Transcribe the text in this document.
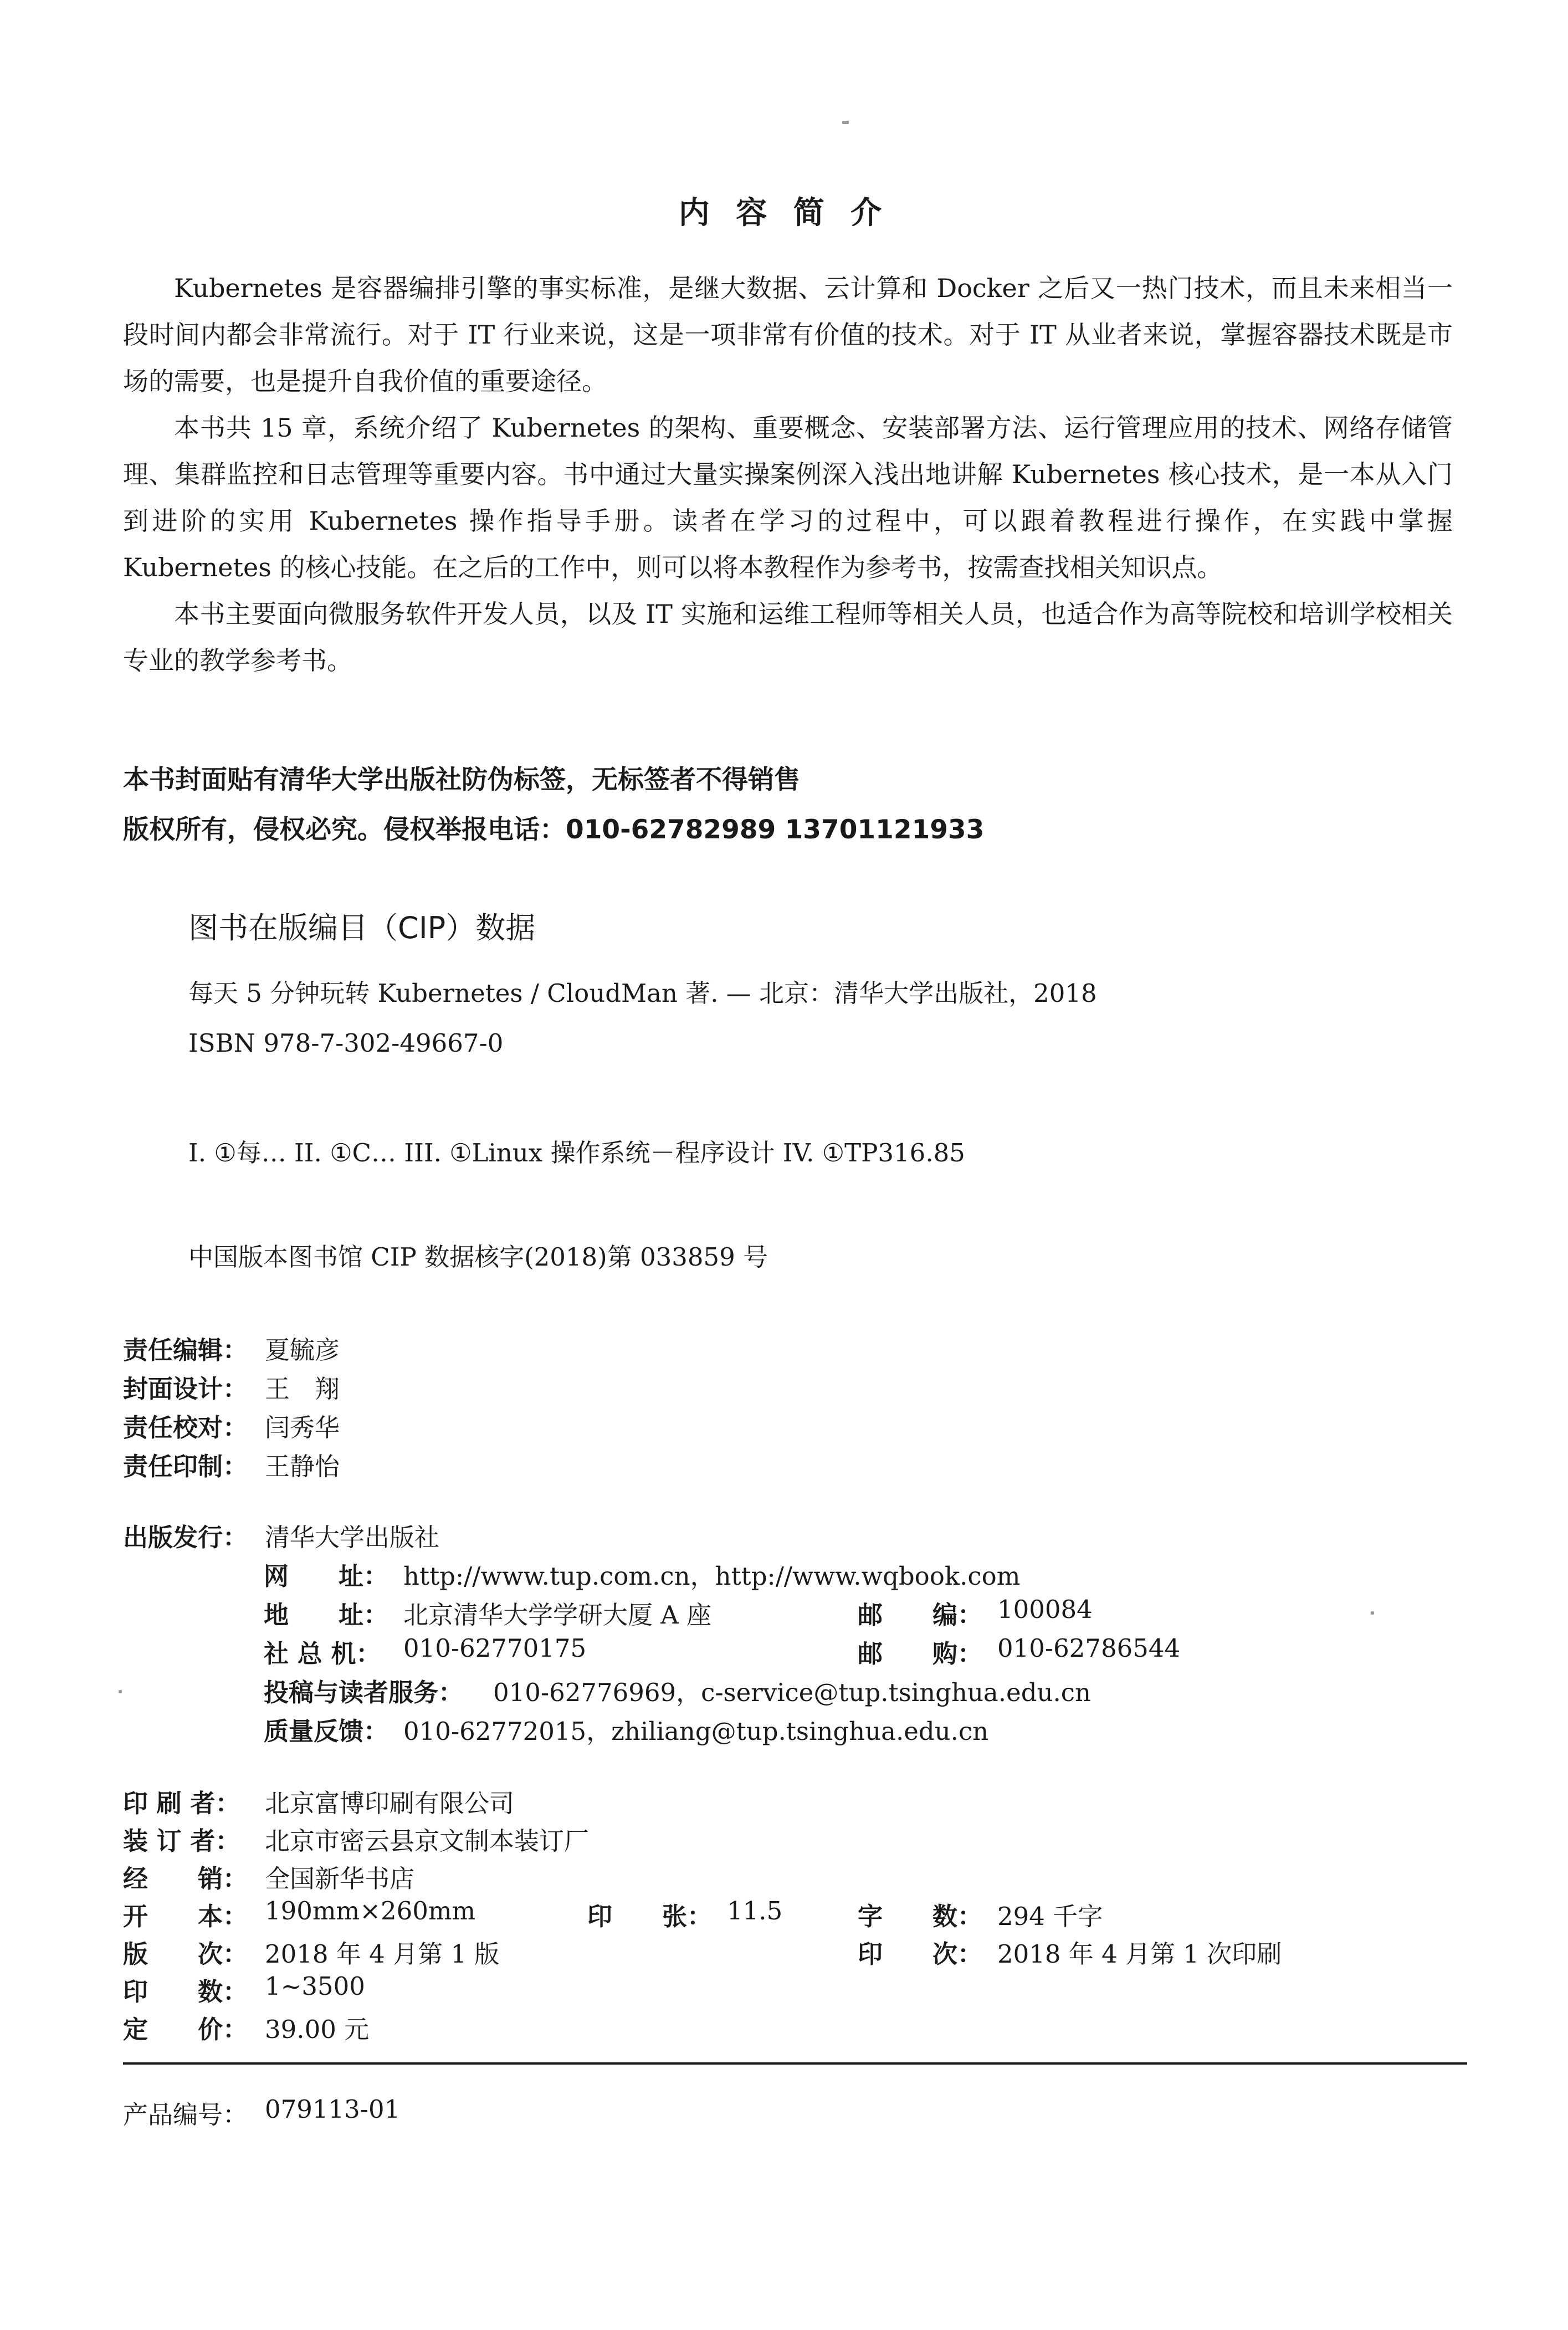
内 容 简 介

Kubernetes 是容器编排引擎的事实标准，是继大数据、云计算和 Docker 之后又一热门技术，而且未来相当一段时间内都会非常流行。对于 IT 行业来说，这是一项非常有价值的技术。对于 IT 从业者来说，掌握容器技术既是市场的需要，也是提升自我价值的重要途径。

本书共 15 章，系统介绍了 Kubernetes 的架构、重要概念、安装部署方法、运行管理应用的技术、网络存储管理、集群监控和日志管理等重要内容。书中通过大量实操案例深入浅出地讲解 Kubernetes 核心技术，是一本从入门到进阶的实用 Kubernetes 操作指导手册。读者在学习的过程中，可以跟着教程进行操作，在实践中掌握 Kubernetes 的核心技能。在之后的工作中，则可以将本教程作为参考书，按需查找相关知识点。

本书主要面向微服务软件开发人员，以及 IT 实施和运维工程师等相关人员，也适合作为高等院校和培训学校相关专业的教学参考书。

本书封面贴有清华大学出版社防伪标签，无标签者不得销售
版权所有，侵权必究。侵权举报电话：010-62782989 13701121933
图书在版编目（CIP）数据
每天 5 分钟玩转 Kubernetes / CloudMan 著. — 北京：清华大学出版社，2018
ISBN 978-7-302-49667-0
I. ①每… II. ①C… III. ①Linux 操作系统－程序设计 IV. ①TP316.85
中国版本图书馆 CIP 数据核字(2018)第 033859 号
责任编辑： 夏毓彦
封面设计： 王　翔
责任校对： 闫秀华
责任印制： 王静怡
出版发行： 清华大学出版社
网　　址： http://www.tup.com.cn，http://www.wqbook.com
地　　址： 北京清华大学学研大厦 A 座	邮　　编： 100084
社 总 机： 010-62770175	邮　　购： 010-62786544
投稿与读者服务： 010-62776969，c-service@tup.tsinghua.edu.cn
质量反馈： 010-62772015，zhiliang@tup.tsinghua.edu.cn
印 刷 者： 北京富博印刷有限公司
装 订 者： 北京市密云县京文制本装订厂
经　　销： 全国新华书店
开　　本： 190mm×260mm	印　　张： 11.5	字　　数： 294 千字
版　　次： 2018 年 4 月第 1 版	印　　次： 2018 年 4 月第 1 次印刷
印　　数： 1~3500
定　　价： 39.00 元
产品编号： 079113-01
